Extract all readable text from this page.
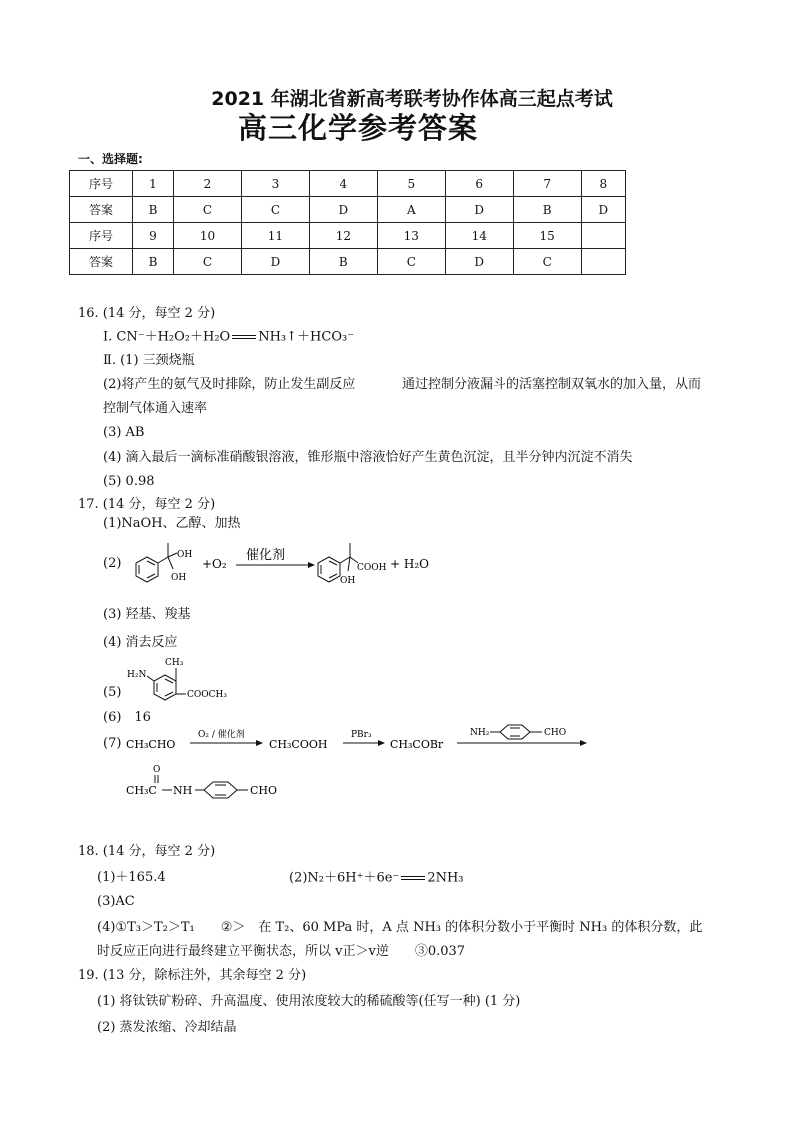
2021 年湖北省新高考联考协作体高三起点考试
高三化学参考答案
一、选择题:
序号	1	2	3	4	5	6	7	8
答案	B	C	C	D	A	D	B	D
序号	9	10	11	12	13	14	15	
答案	B	C	D	B	C	D	C	
16. (14 分，每空 2 分)
Ⅰ. CN⁻＋H₂O₂＋H₂O NH₃↑＋HCO₃⁻
Ⅱ. (1) 三颈烧瓶
(2)将产生的氨气及时排除，防止发生副反应	通过控制分液漏斗的活塞控制双氧水的加入量，从而
控制气体通入速率
(3) AB
(4) 滴入最后一滴标准硝酸银溶液，锥形瓶中溶液恰好产生黄色沉淀，且半分钟内沉淀不消失
(5) 0.98
17. (14 分，每空 2 分)
(1)NaOH、乙醇、加热
(2)
OH
OH
+O₂
催化剂
COOH
OH
+ H₂O
(3) 羟基、羧基
(4) 消去反应
(5)
H₂N
CH₃
COOCH₃
(6)　16
(7) CH₃CHO
O₂ / 催化剂
CH₃COOH
PBr₃
CH₃COBr
NH₂	CHO
O
CH₃C NH	CHO
18. (14 分，每空 2 分)
(1)＋165.4	(2)N₂＋6H⁺＋6e⁻ 2NH₃
(3)AC
(4)①T₃＞T₂＞T₁　　②＞　在 T₂、60 MPa 时，A 点 NH₃ 的体积分数小于平衡时 NH₃ 的体积分数，此
时反应正向进行最终建立平衡状态，所以 v正＞v逆　　③0.037
19. (13 分，除标注外，其余每空 2 分)
(1) 将钛铁矿粉碎、升高温度、使用浓度较大的稀硫酸等(任写一种) (1 分)
(2) 蒸发浓缩、冷却结晶
